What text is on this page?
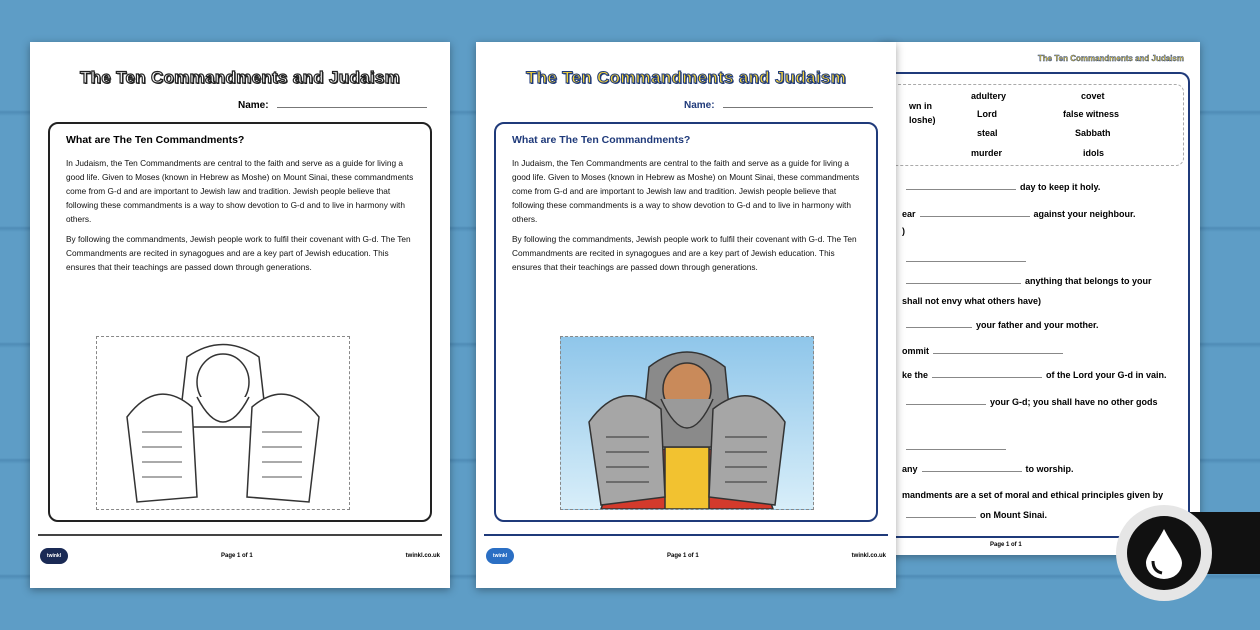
The Ten Commandments and Judaism
Name:
What are The Ten Commandments?

In Judaism, the Ten Commandments are central to the faith and serve as a guide for living a good life. Given to Moses (known in Hebrew as Moshe) on Mount Sinai, these commandments come from G-d and are important to Jewish law and tradition. Jewish people believe that following these commandments is a way to show devotion to G-d and to live in harmony with others.

By following the commandments, Jewish people work to fulfil their covenant with G-d. The Ten Commandments are recited in synagogues and are a key part of Jewish education. This ensures that their teachings are passed down through generations.

twinkl	Page 1 of 1	twinkl.co.uk
The Ten Commandments and Judaism
wn in
loshe)
adultery	covet
Lord	false witness
steal	Sabbath
murder	idols
day to keep it holy.
ear	against your neighbour.
)
anything that belongs to your
shall not envy what others have)
your father and your mother.
ommit
ke the	of the Lord your G-d in vain.
your G-d; you shall have no other gods
any	to worship.
mandments are a set of moral and ethical principles given by
on Mount Sinai.
Page 1 of 1
The Ten Commandments and Judaism
Name:
What are The Ten Commandments?

In Judaism, the Ten Commandments are central to the faith and serve as a guide for living a good life. Given to Moses (known in Hebrew as Moshe) on Mount Sinai, these commandments come from G-d and are important to Jewish law and tradition. Jewish people believe that following these commandments is a way to show devotion to G-d and to live in harmony with others.

By following the commandments, Jewish people work to fulfil their covenant with G-d. The Ten Commandments are recited in synagogues and are a key part of Jewish education. This ensures that their teachings are passed down through generations.

twinkl	Page 1 of 1	twinkl.co.uk
